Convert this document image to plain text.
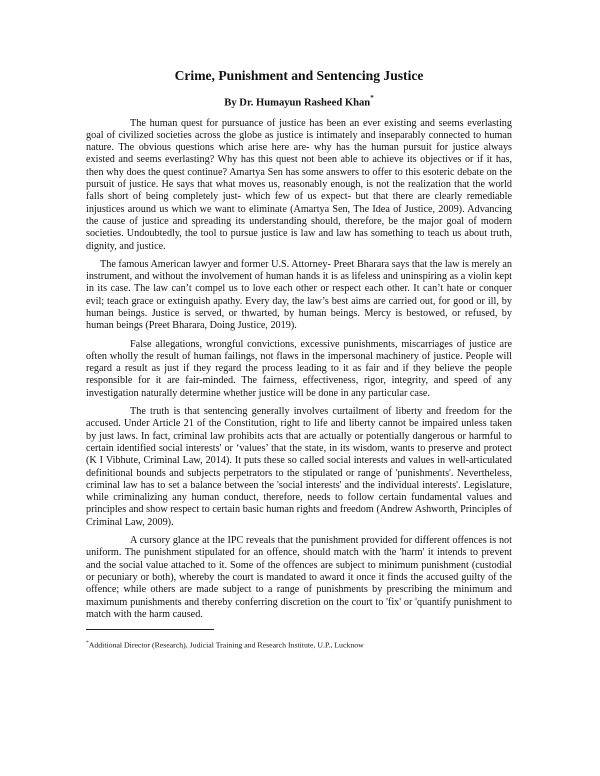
Crime, Punishment and Sentencing Justice

By Dr. Humayun Rasheed Khan*

The human quest for pursuance of justice has been an ever existing and seems everlasting goal of civilized societies across the globe as justice is intimately and inseparably connected to human nature. The obvious questions which arise here are- why has the human pursuit for justice always existed and seems everlasting? Why has this quest not been able to achieve its objectives or if it has, then why does the quest continue? Amartya Sen has some answers to offer to this esoteric debate on the pursuit of justice. He says that what moves us, reasonably enough, is not the realization that the world falls short of being completely just- which few of us expect- but that there are clearly remediable injustices around us which we want to eliminate (Amartya Sen, The Idea of Justice, 2009). Advancing the cause of justice and spreading its understanding should, therefore, be the major goal of modern societies. Undoubtedly, the tool to pursue justice is law and law has something to teach us about truth, dignity, and justice.

The famous American lawyer and former U.S. Attorney- Preet Bharara says that the law is merely an instrument, and without the involvement of human hands it is as lifeless and uninspiring as a violin kept in its case. The law can’t compel us to love each other or respect each other. It can’t hate or conquer evil; teach grace or extinguish apathy. Every day, the law’s best aims are carried out, for good or ill, by human beings. Justice is served, or thwarted, by human beings. Mercy is bestowed, or refused, by human beings (Preet Bharara, Doing Justice, 2019).

False allegations, wrongful convictions, excessive punishments, miscarriages of justice are often wholly the result of human failings, not flaws in the impersonal machinery of justice. People will regard a result as just if they regard the process leading to it as fair and if they believe the people responsible for it are fair-minded. The fairness, effectiveness, rigor, integrity, and speed of any investigation naturally determine whether justice will be done in any particular case.

The truth is that sentencing generally involves curtailment of liberty and freedom for the accused. Under Article 21 of the Constitution, right to life and liberty cannot be impaired unless taken by just laws. In fact, criminal law prohibits acts that are actually or potentially dangerous or harmful to certain identified social interests' or ‘values’ that the state, in its wisdom, wants to preserve and protect (K I Vibhute, Criminal Law, 2014). It puts these so called social interests and values in well-articulated definitional bounds and subjects perpetrators to the stipulated or range of 'punishments'. Nevertheless, criminal law has to set a balance between the 'social interests' and the individual interests'. Legislature, while criminalizing any human conduct, therefore, needs to follow certain fundamental values and principles and show respect to certain basic human rights and freedom (Andrew Ashworth, Principles of Criminal Law, 2009).

A cursory glance at the IPC reveals that the punishment provided for different offences is not uniform. The punishment stipulated for an offence, should match with the 'harm' it intends to prevent and the social value attached to it. Some of the offences are subject to minimum punishment (custodial or pecuniary or both), whereby the court is mandated to award it once it finds the accused guilty of the offence; while others are made subject to a range of punishments by prescribing the minimum and maximum punishments and thereby conferring discretion on the court to 'fix' or 'quantify punishment to match with the harm caused.

*Additional Director (Research), Judicial Training and Research Institute, U.P., Lucknow
